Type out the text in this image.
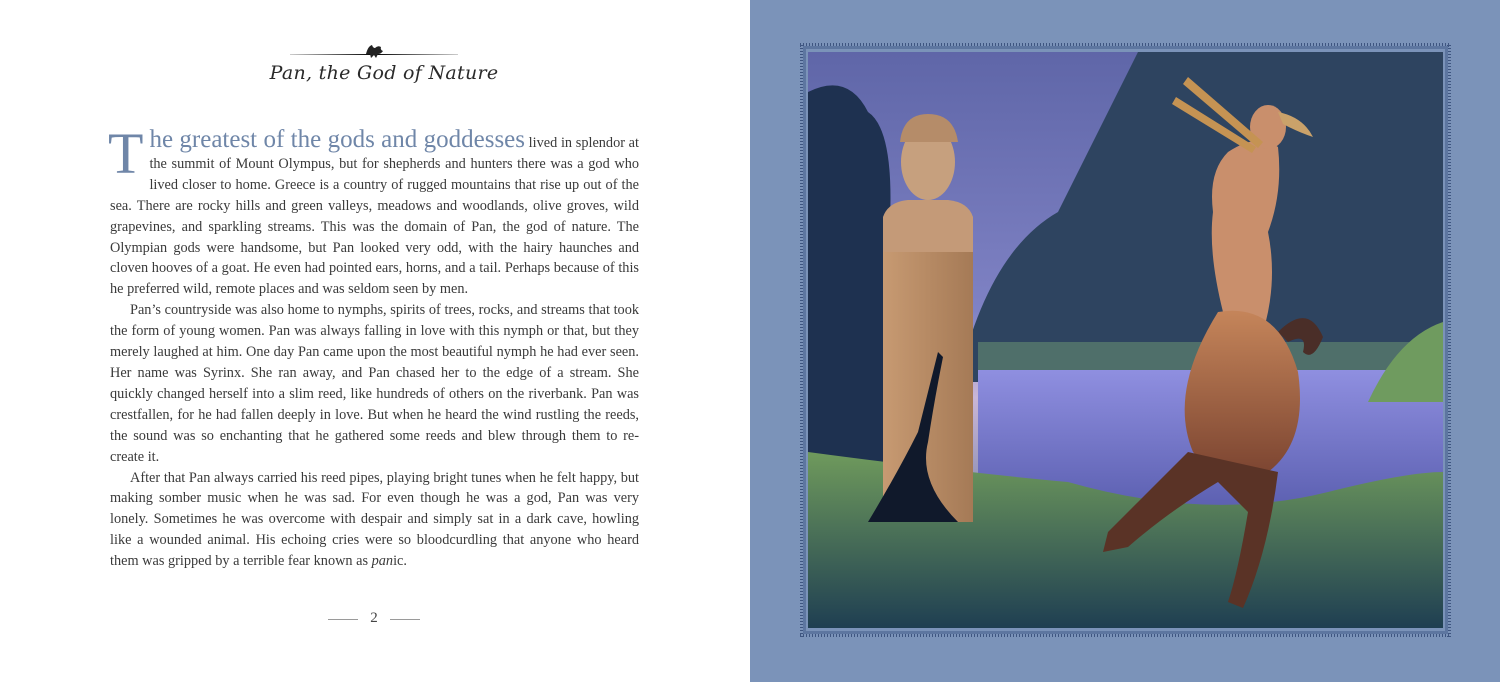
Pan, the God of Nature

The greatest of the gods and goddesses lived in splendor at the summit of Mount Olympus, but for shepherds and hunters there was a god who lived closer to home. Greece is a country of rugged mountains that rise up out of the sea. There are rocky hills and green valleys, meadows and woodlands, olive groves, wild grapevines, and sparkling streams. This was the domain of Pan, the god of nature. The Olympian gods were handsome, but Pan looked very odd, with the hairy haunches and cloven hooves of a goat. He even had pointed ears, horns, and a tail. Perhaps because of this he preferred wild, remote places and was seldom seen by men.

Pan’s countryside was also home to nymphs, spirits of trees, rocks, and streams that took the form of young women. Pan was always falling in love with this nymph or that, but they merely laughed at him. One day Pan came upon the most beautiful nymph he had ever seen. Her name was Syrinx. She ran away, and Pan chased her to the edge of a stream. She quickly changed herself into a slim reed, like hundreds of others on the riverbank. Pan was crestfallen, for he had fallen deeply in love. But when he heard the wind rustling the reeds, the sound was so enchanting that he gathered some reeds and blew through them to re-create it.

After that Pan always carried his reed pipes, playing bright tunes when he felt happy, but making somber music when he was sad. For even though he was a god, Pan was very lonely. Sometimes he was overcome with despair and simply sat in a dark cave, howling like a wounded animal. His echoing cries were so bloodcurdling that anyone who heard them was gripped by a terrible fear known as panic.

2
